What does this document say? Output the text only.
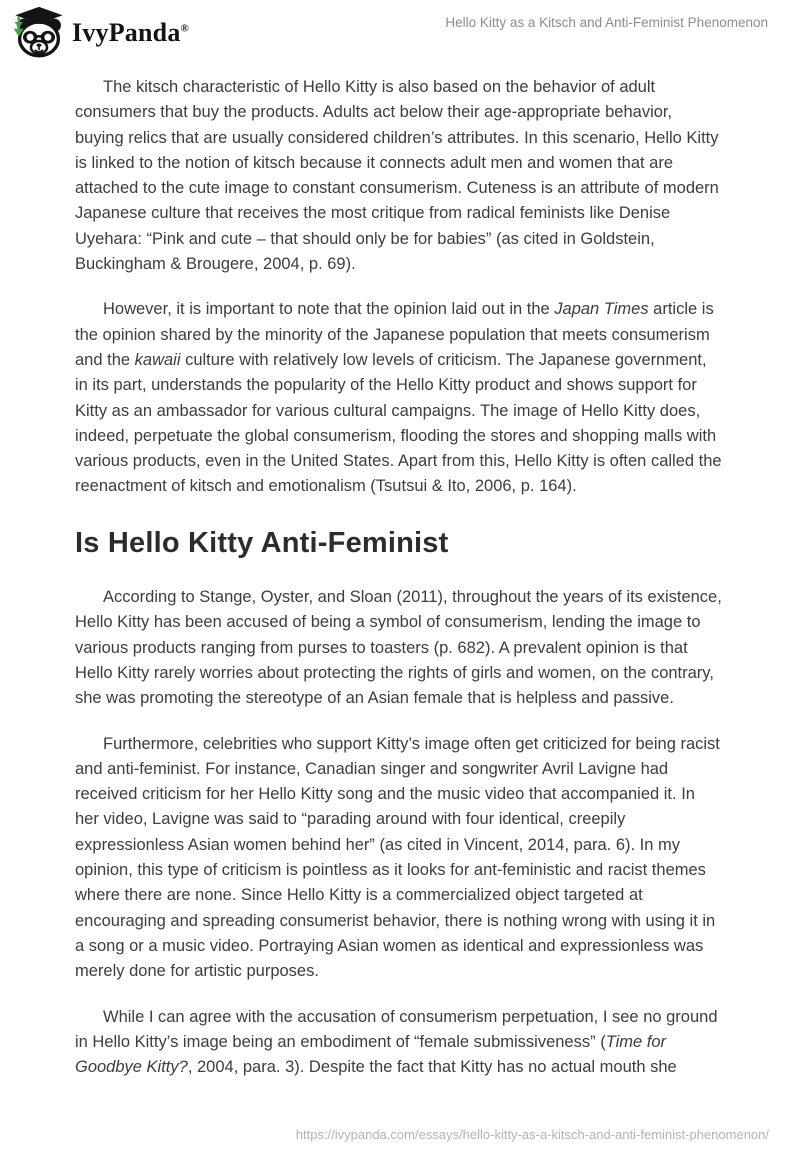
IvyPanda®	Hello Kitty as a Kitsch and Anti-Feminist Phenomenon

The kitsch characteristic of Hello Kitty is also based on the behavior of adult consumers that buy the products. Adults act below their age-appropriate behavior, buying relics that are usually considered children’s attributes. In this scenario, Hello Kitty is linked to the notion of kitsch because it connects adult men and women that are attached to the cute image to constant consumerism. Cuteness is an attribute of modern Japanese culture that receives the most critique from radical feminists like Denise Uyehara: “Pink and cute – that should only be for babies” (as cited in Goldstein, Buckingham & Brougere, 2004, p. 69).

However, it is important to note that the opinion laid out in the Japan Times article is the opinion shared by the minority of the Japanese population that meets consumerism and the kawaii culture with relatively low levels of criticism. The Japanese government, in its part, understands the popularity of the Hello Kitty product and shows support for Kitty as an ambassador for various cultural campaigns. The image of Hello Kitty does, indeed, perpetuate the global consumerism, flooding the stores and shopping malls with various products, even in the United States. Apart from this, Hello Kitty is often called the reenactment of kitsch and emotionalism (Tsutsui & Ito, 2006, p. 164).

Is Hello Kitty Anti-Feminist

According to Stange, Oyster, and Sloan (2011), throughout the years of its existence, Hello Kitty has been accused of being a symbol of consumerism, lending the image to various products ranging from purses to toasters (p. 682). A prevalent opinion is that Hello Kitty rarely worries about protecting the rights of girls and women, on the contrary, she was promoting the stereotype of an Asian female that is helpless and passive.

Furthermore, celebrities who support Kitty’s image often get criticized for being racist and anti-feminist. For instance, Canadian singer and songwriter Avril Lavigne had received criticism for her Hello Kitty song and the music video that accompanied it. In her video, Lavigne was said to “parading around with four identical, creepily expressionless Asian women behind her” (as cited in Vincent, 2014, para. 6). In my opinion, this type of criticism is pointless as it looks for ant-feministic and racist themes where there are none. Since Hello Kitty is a commercialized object targeted at encouraging and spreading consumerist behavior, there is nothing wrong with using it in a song or a music video. Portraying Asian women as identical and expressionless was merely done for artistic purposes.

While I can agree with the accusation of consumerism perpetuation, I see no ground in Hello Kitty’s image being an embodiment of “female submissiveness” (Time for Goodbye Kitty?, 2004, para. 3). Despite the fact that Kitty has no actual mouth she

https://ivypanda.com/essays/hello-kitty-as-a-kitsch-and-anti-feminist-phenomenon/
